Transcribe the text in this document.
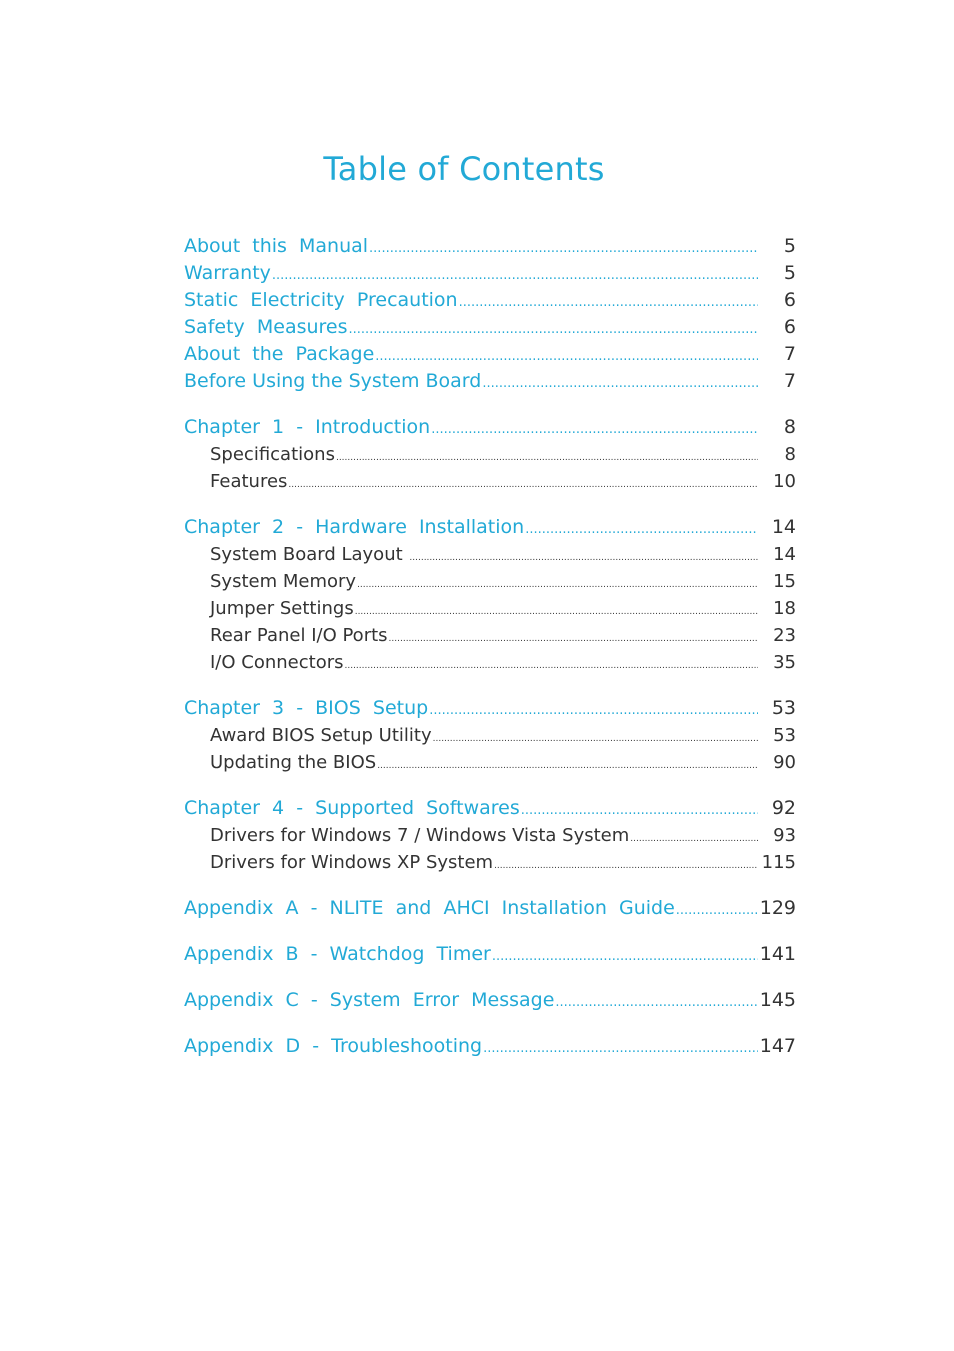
Table of Contents
About  this  Manual .....	5
Warranty .....	5
Static  Electricity  Precaution .....	6
Safety  Measures .....	6
About  the  Package .....	7
Before Using the System Board .....	7
Chapter  1  -  Introduction .....	8
Specifications .....	8
Features .....	10
Chapter  2  -  Hardware  Installation .....	14
System Board Layout .....	14
System Memory .....	15
Jumper Settings .....	18
Rear Panel I/O Ports .....	23
I/O Connectors .....	35
Chapter  3  -  BIOS  Setup .....	53
Award BIOS Setup Utility .....	53
Updating the BIOS .....	90
Chapter  4  -  Supported  Softwares .....	92
Drivers for Windows 7 / Windows Vista System .....	93
Drivers for Windows XP System .....	115
Appendix  A  -  NLITE  and  AHCI  Installation  Guide .....	129
Appendix  B  -  Watchdog  Timer .....	141
Appendix  C  -  System  Error  Message .....	145
Appendix  D  -  Troubleshooting .....	147
